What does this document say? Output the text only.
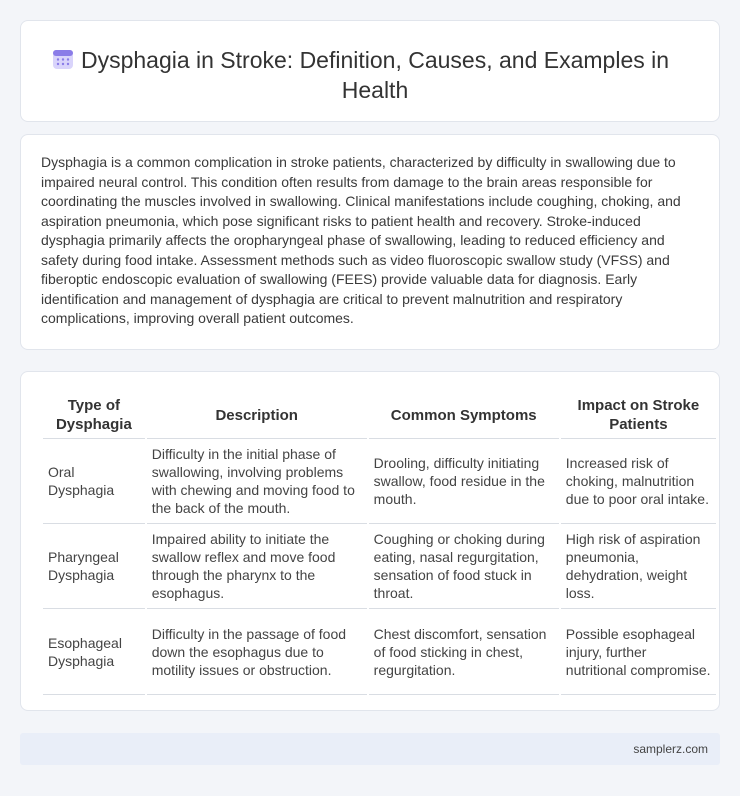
Dysphagia in Stroke: Definition, Causes, and Examples in Health

Dysphagia is a common complication in stroke patients, characterized by difficulty in swallowing due to impaired neural control. This condition often results from damage to the brain areas responsible for coordinating the muscles involved in swallowing. Clinical manifestations include coughing, choking, and aspiration pneumonia, which pose significant risks to patient health and recovery. Stroke-induced dysphagia primarily affects the oropharyngeal phase of swallowing, leading to reduced efficiency and safety during food intake. Assessment methods such as video fluoroscopic swallow study (VFSS) and fiberoptic endoscopic evaluation of swallowing (FEES) provide valuable data for diagnosis. Early identification and management of dysphagia are critical to prevent malnutrition and respiratory complications, improving overall patient outcomes.

Type of Dysphagia	Description	Common Symptoms	Impact on Stroke Patients
Oral Dysphagia	Difficulty in the initial phase of swallowing, involving problems with chewing and moving food to the back of the mouth.	Drooling, difficulty initiating swallow, food residue in the mouth.	Increased risk of choking, malnutrition due to poor oral intake.
Pharyngeal Dysphagia	Impaired ability to initiate the swallow reflex and move food through the pharynx to the esophagus.	Coughing or choking during eating, nasal regurgitation, sensation of food stuck in throat.	High risk of aspiration pneumonia, dehydration, weight loss.
Esophageal Dysphagia	Difficulty in the passage of food down the esophagus due to motility issues or obstruction.	Chest discomfort, sensation of food sticking in chest, regurgitation.	Possible esophageal injury, further nutritional compromise.
samplerz.com
